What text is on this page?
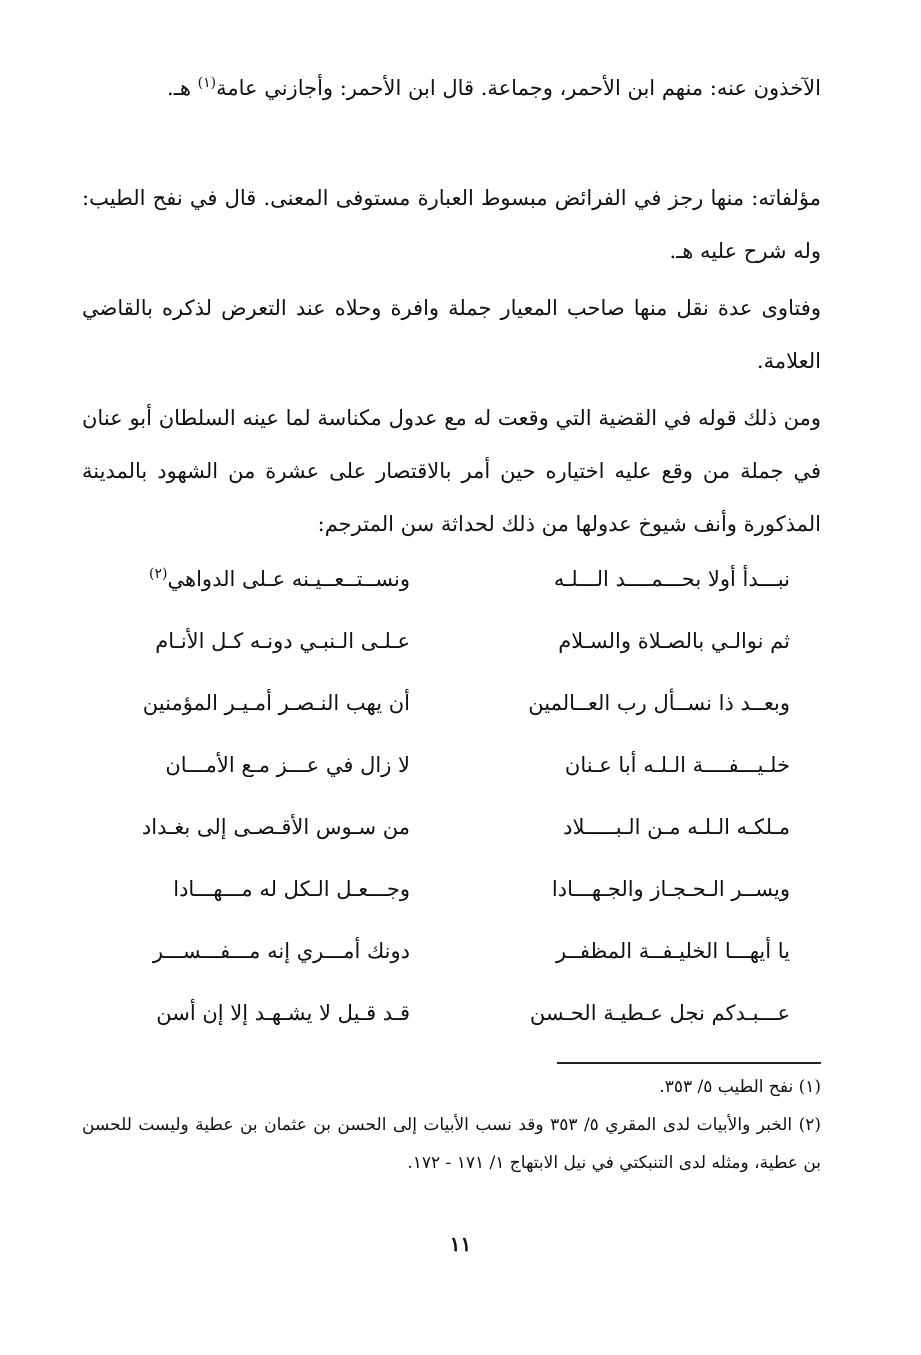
الآخذون عنه: منهم ابن الأحمر، وجماعة. قال ابن الأحمر: وأجازني عامة$^{(١)}$ هـ.

مؤلفاته: منها رجز في الفرائض مبسوط العبارة مستوفى المعنى. قال في نفح الطيب: وله شرح عليه هـ.

وفتاوى عدة نقل منها صاحب المعيار جملة وافرة وحلاه عند التعرض لذكره بالقاضي العلامة.

ومن ذلك قوله في القضية التي وقعت له مع عدول مكناسة لما عينه السلطان أبو عنان في جملة من وقع عليه اختياره حين أمر بالاقتصار على عشرة من الشهود بالمدينة المذكورة وأنف شيوخ عدولها من ذلك لحداثة سن المترجم:

نبـــدأ أولا بحـــمــــد الـــلـه
ونســتــعــيـنه عـلى الدواهي$^{(٢)}$
ثم نوالـي بالصـلاة والسـلام
عـلـى الـنبـي دونـه كـل الأنـام
وبعــد ذا نســأل رب العــالمين
أن يهب النـصـر أمـيـر المؤمنين
خلـيـــفــــة الـلـه أبا عـنان
لا زال في عـــز مـع الأمـــان
مـلكـه الـلـه مـن الـبـــــلاد
من سـوس الأقـصـى إلى بغـداد
ويســر الـحـجـاز والجـهـــادا
وجـــعـل الـكل له مـــهـــادا
يا أيهـــا الخليـفــة المظفــر
دونك أمـــري إنه مـــفـــســـر
عـــبـدكم نجل عـطيـة الحـسن
قـد قـيل لا يشـهـد إلا إن أسن
(١) نفح الطيب ٥/ ٣٥٣.
(٢) الخبر والأبيات لدى المقري ٥/ ٣٥٣ وقد نسب الأبيات إلى الحسن بن عثمان بن عطية وليست للحسن بن عطية، ومثله لدى التنبكتي في نيل الابتهاج ١/ ١٧١ - ١٧٢.
١١
